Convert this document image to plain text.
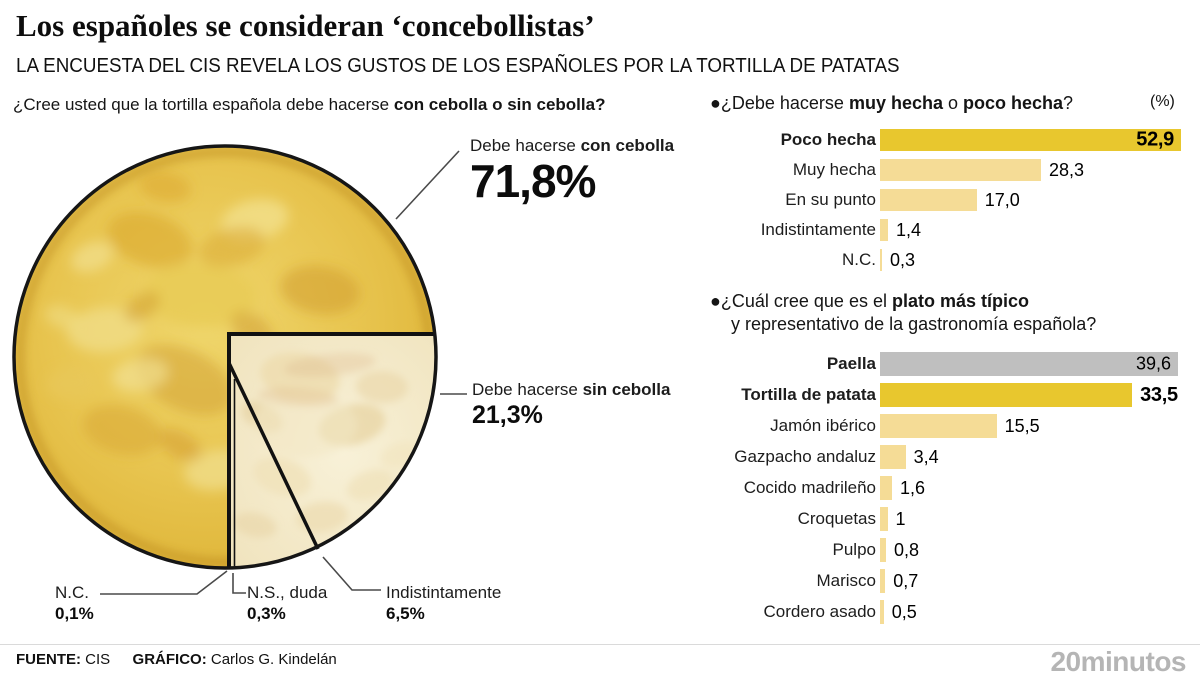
Los españoles se consideran ‘concebollistas’
LA ENCUESTA DEL CIS REVELA LOS GUSTOS DE LOS ESPAÑOLES POR LA TORTILLA DE PATATAS
¿Cree usted que la tortilla española debe hacerse con cebolla o sin cebolla?
Debe hacerse con cebolla
71,8%
Debe hacerse sin cebolla
21,3%
N.C.
0,1%
N.S., duda
0,3%
Indistintamente
6,5%
●¿Debe hacerse muy hecha o poco hecha?	(%)
Poco hecha	52,9
Muy hecha	28,3
En su punto	17,0
Indistintamente 1,4
N.C. 0,3
●¿Cuál cree que es el plato más típico
y representativo de la gastronomía española?
Paella	39,6
Tortilla de patata	33,5
Jamón ibérico	15,5
Gazpacho andaluz 3,4
Cocido madrileño 1,6
Croquetas 1
Pulpo 0,8
Marisco 0,7
Cordero asado 0,5
FUENTE: CIS GRÁFICO: Carlos G. Kindelán	20minutos
